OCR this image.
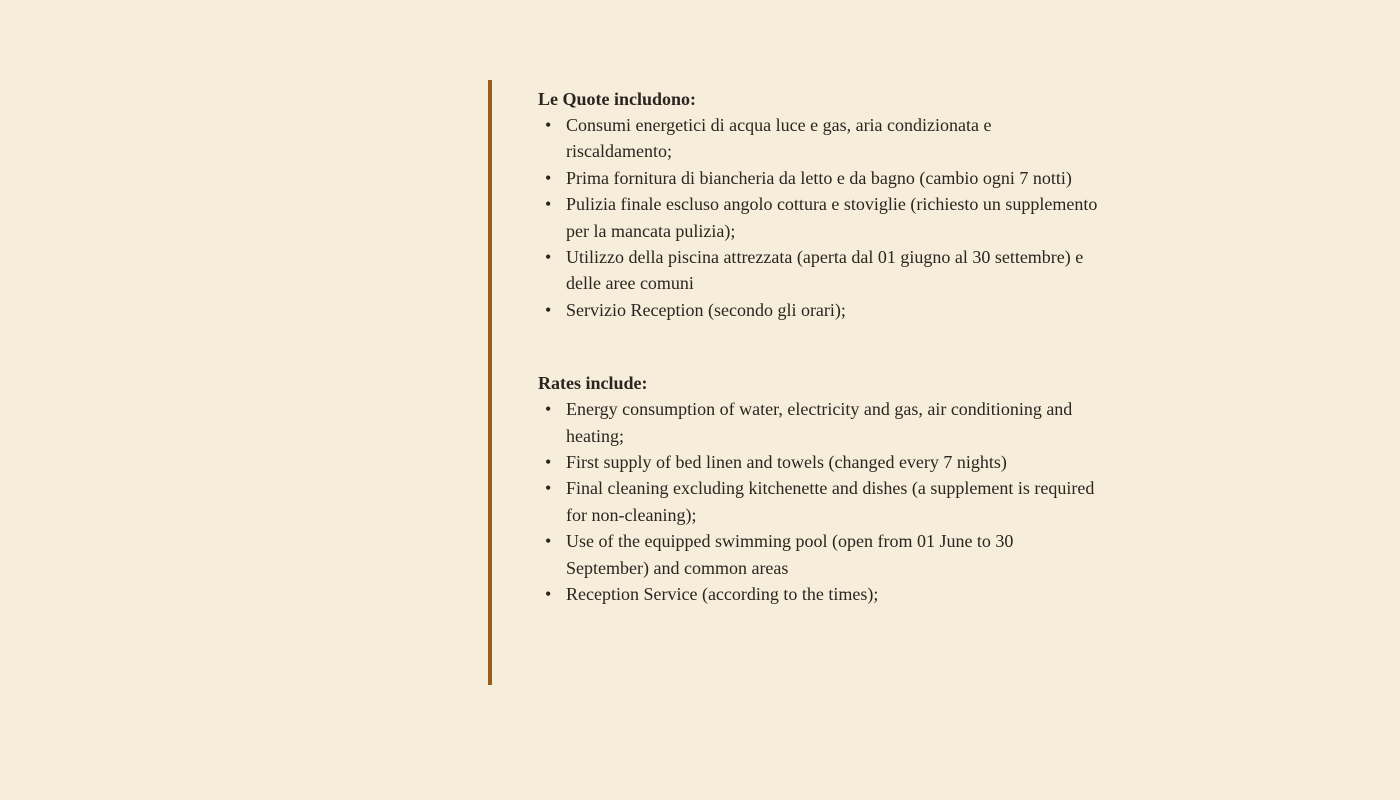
Le Quote includono:

• Consumi energetici di acqua luce e gas, aria condizionata e riscaldamento;
• Prima fornitura di biancheria da letto e da bagno (cambio ogni 7 notti)
• Pulizia finale escluso angolo cottura e stoviglie (richiesto un supplemento per la mancata pulizia);
• Utilizzo della piscina attrezzata (aperta dal 01 giugno al 30 settembre) e delle aree comuni
• Servizio Reception (secondo gli orari);

Rates include:

• Energy consumption of water, electricity and gas, air conditioning and heating;
• First supply of bed linen and towels (changed every 7 nights)
• Final cleaning excluding kitchenette and dishes (a supplement is required for non-cleaning);
• Use of the equipped swimming pool (open from 01 June to 30 September) and common areas
• Reception Service (according to the times);
